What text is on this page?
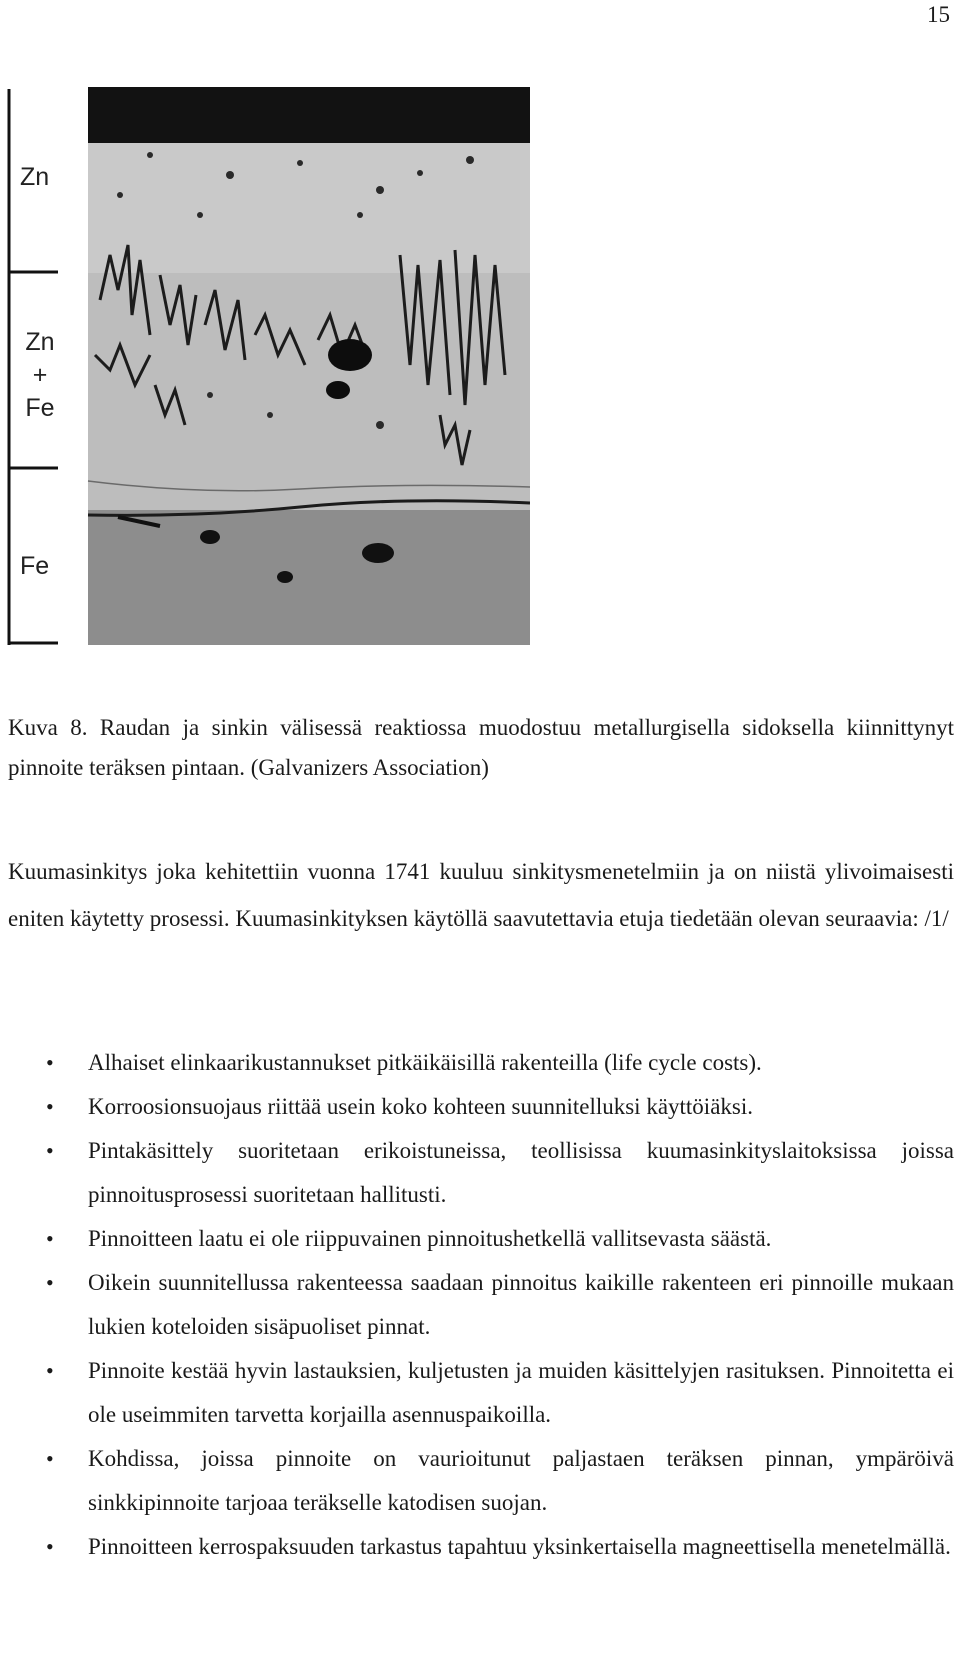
15
Zn
Zn
+
Fe
Fe
Kuva 8. Raudan ja sinkin välisessä reaktiossa muodostuu metallurgisella sidoksella kiinnittynyt pinnoite teräksen pintaan. (Galvanizers Association)
Kuumasinkitys joka kehitettiin vuonna 1741 kuuluu sinkitysmenetelmiin ja on niistä ylivoimaisesti eniten käytetty prosessi. Kuumasinkityksen käytöllä saavutettavia etuja tiedetään olevan seuraavia: /1/
• Alhaiset elinkaarikustannukset pitkäikäisillä rakenteilla (life cycle costs).
• Korroosionsuojaus riittää usein koko kohteen suunnitelluksi käyttöiäksi.
• Pintakäsittely suoritetaan erikoistuneissa, teollisissa kuumasinkityslaitoksissa joissa pinnoitusprosessi suoritetaan hallitusti.
• Pinnoitteen laatu ei ole riippuvainen pinnoitushetkellä vallitsevasta säästä.
• Oikein suunnitellussa rakenteessa saadaan pinnoitus kaikille rakenteen eri pinnoille mukaan lukien koteloiden sisäpuoliset pinnat.
• Pinnoite kestää hyvin lastauksien, kuljetusten ja muiden käsittelyjen rasituksen. Pinnoitetta ei ole useimmiten tarvetta korjailla asennuspaikoilla.
• Kohdissa, joissa pinnoite on vaurioitunut paljastaen teräksen pinnan, ympäröivä sinkkipinnoite tarjoaa teräkselle katodisen suojan.
• Pinnoitteen kerrospaksuuden tarkastus tapahtuu yksinkertaisella magneettisella menetelmällä.
